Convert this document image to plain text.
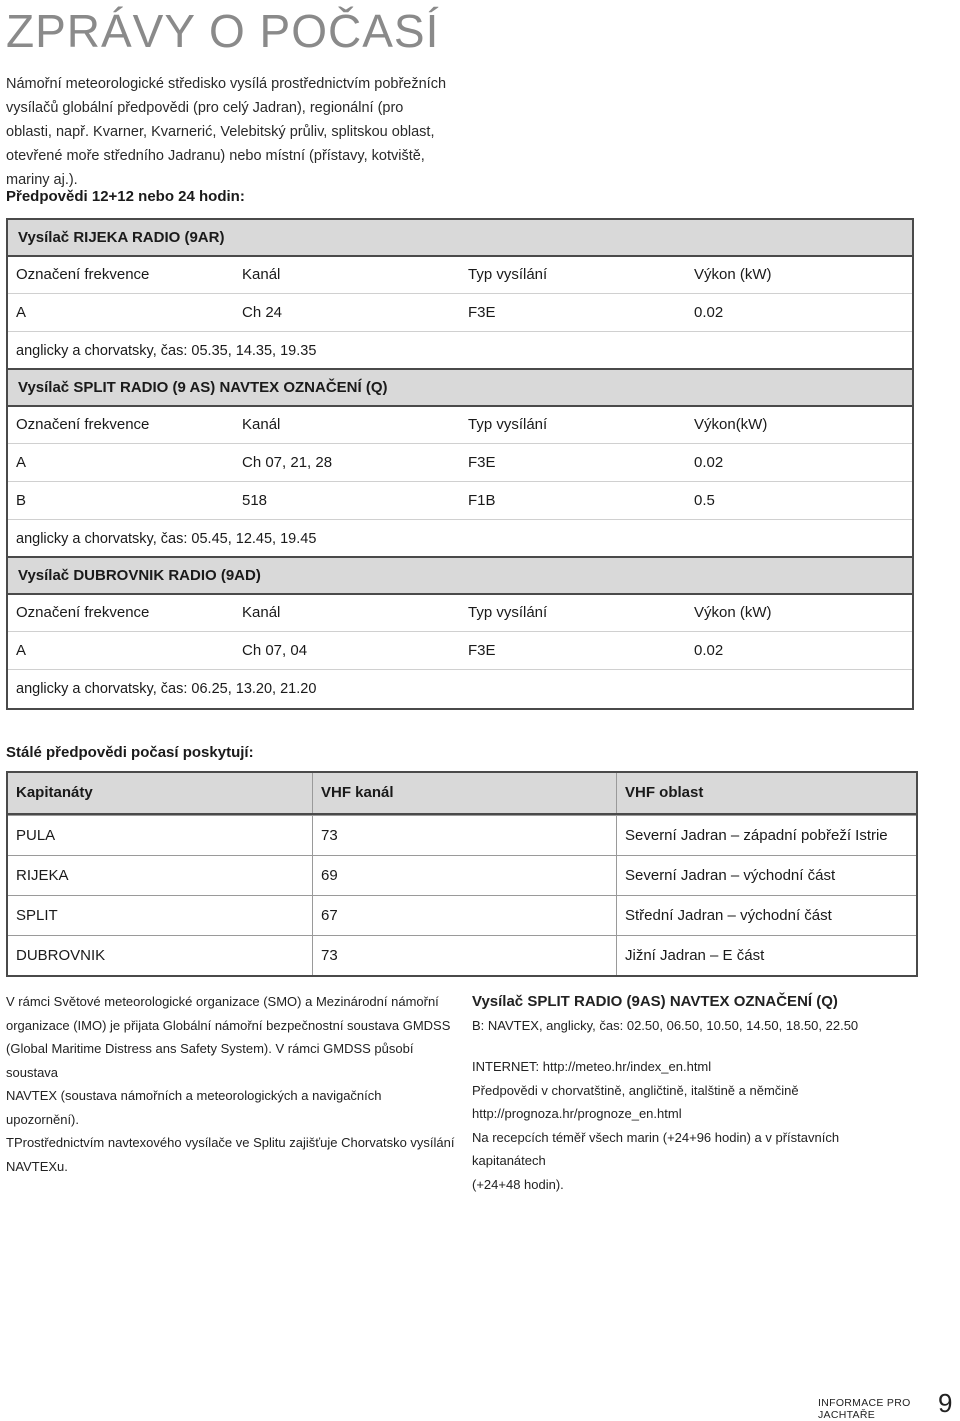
ZPRÁVY O POČASÍ
Námořní meteorologické středisko vysílá prostřednictvím pobřežních vysílačů globální předpovědi (pro celý Jadran), regionální (pro oblasti, např. Kvarner, Kvarnerić, Velebitský průliv, splitskou oblast, otevřené moře středního Jadranu) nebo místní (přístavy, kotviště, mariny aj.).
Předpovědi 12+12 nebo 24 hodin:
Vysílač RIJEKA RADIO (9AR)
Označení frekvence	Kanál	Typ vysílání	Výkon (kW)
A	Ch 24	F3E	0.02
anglicky a chorvatsky, čas: 05.35, 14.35, 19.35
Vysílač SPLIT RADIO (9 AS) NAVTEX OZNAČENÍ (Q)
Označení frekvence	Kanál	Typ vysílání	Výkon(kW)
A	Ch 07, 21, 28	F3E	0.02
B	518	F1B	0.5
anglicky a chorvatsky, čas: 05.45, 12.45, 19.45
Vysílač DUBROVNIK RADIO (9AD)
Označení frekvence	Kanál	Typ vysílání	Výkon (kW)
A	Ch 07, 04	F3E	0.02
anglicky a chorvatsky, čas: 06.25, 13.20, 21.20
Stálé předpovědi počasí poskytují:
Kapitanáty	VHF kanál	VHF oblast
PULA	73	Severní Jadran – západní pobřeží Istrie
RIJEKA	69	Severní Jadran – východní část
SPLIT	67	Střední Jadran – východní část
DUBROVNIK	73	Jižní Jadran – E část
V rámci Světové meteorologické organizace (SMO) a Mezinárodní námořní
organizace (IMO) je přijata Globální námořní bezpečnostní soustava GMDSS
(Global Maritime Distress ans Safety System). V rámci GMDSS působí soustava
NAVTEX (soustava námořních a meteorologických a navigačních upozornění).
TProstřednictvím navtexového vysílače ve Splitu zajišťuje Chorvatsko vysílání
NAVTEXu.
Vysílač SPLIT RADIO (9AS) NAVTEX OZNAČENÍ (Q)
B: NAVTEX, anglicky, čas: 02.50, 06.50, 10.50, 14.50, 18.50, 22.50
INTERNET: http://meteo.hr/index_en.html
Předpovědi v chorvatštině, angličtině, italštině a němčině
http://prognoza.hr/prognoze_en.html
Na recepcích téměř všech marin (+24+96 hodin) a v přístavních kapitanátech
(+24+48 hodin).
INFORMACE PRO JACHTAŘE	9
